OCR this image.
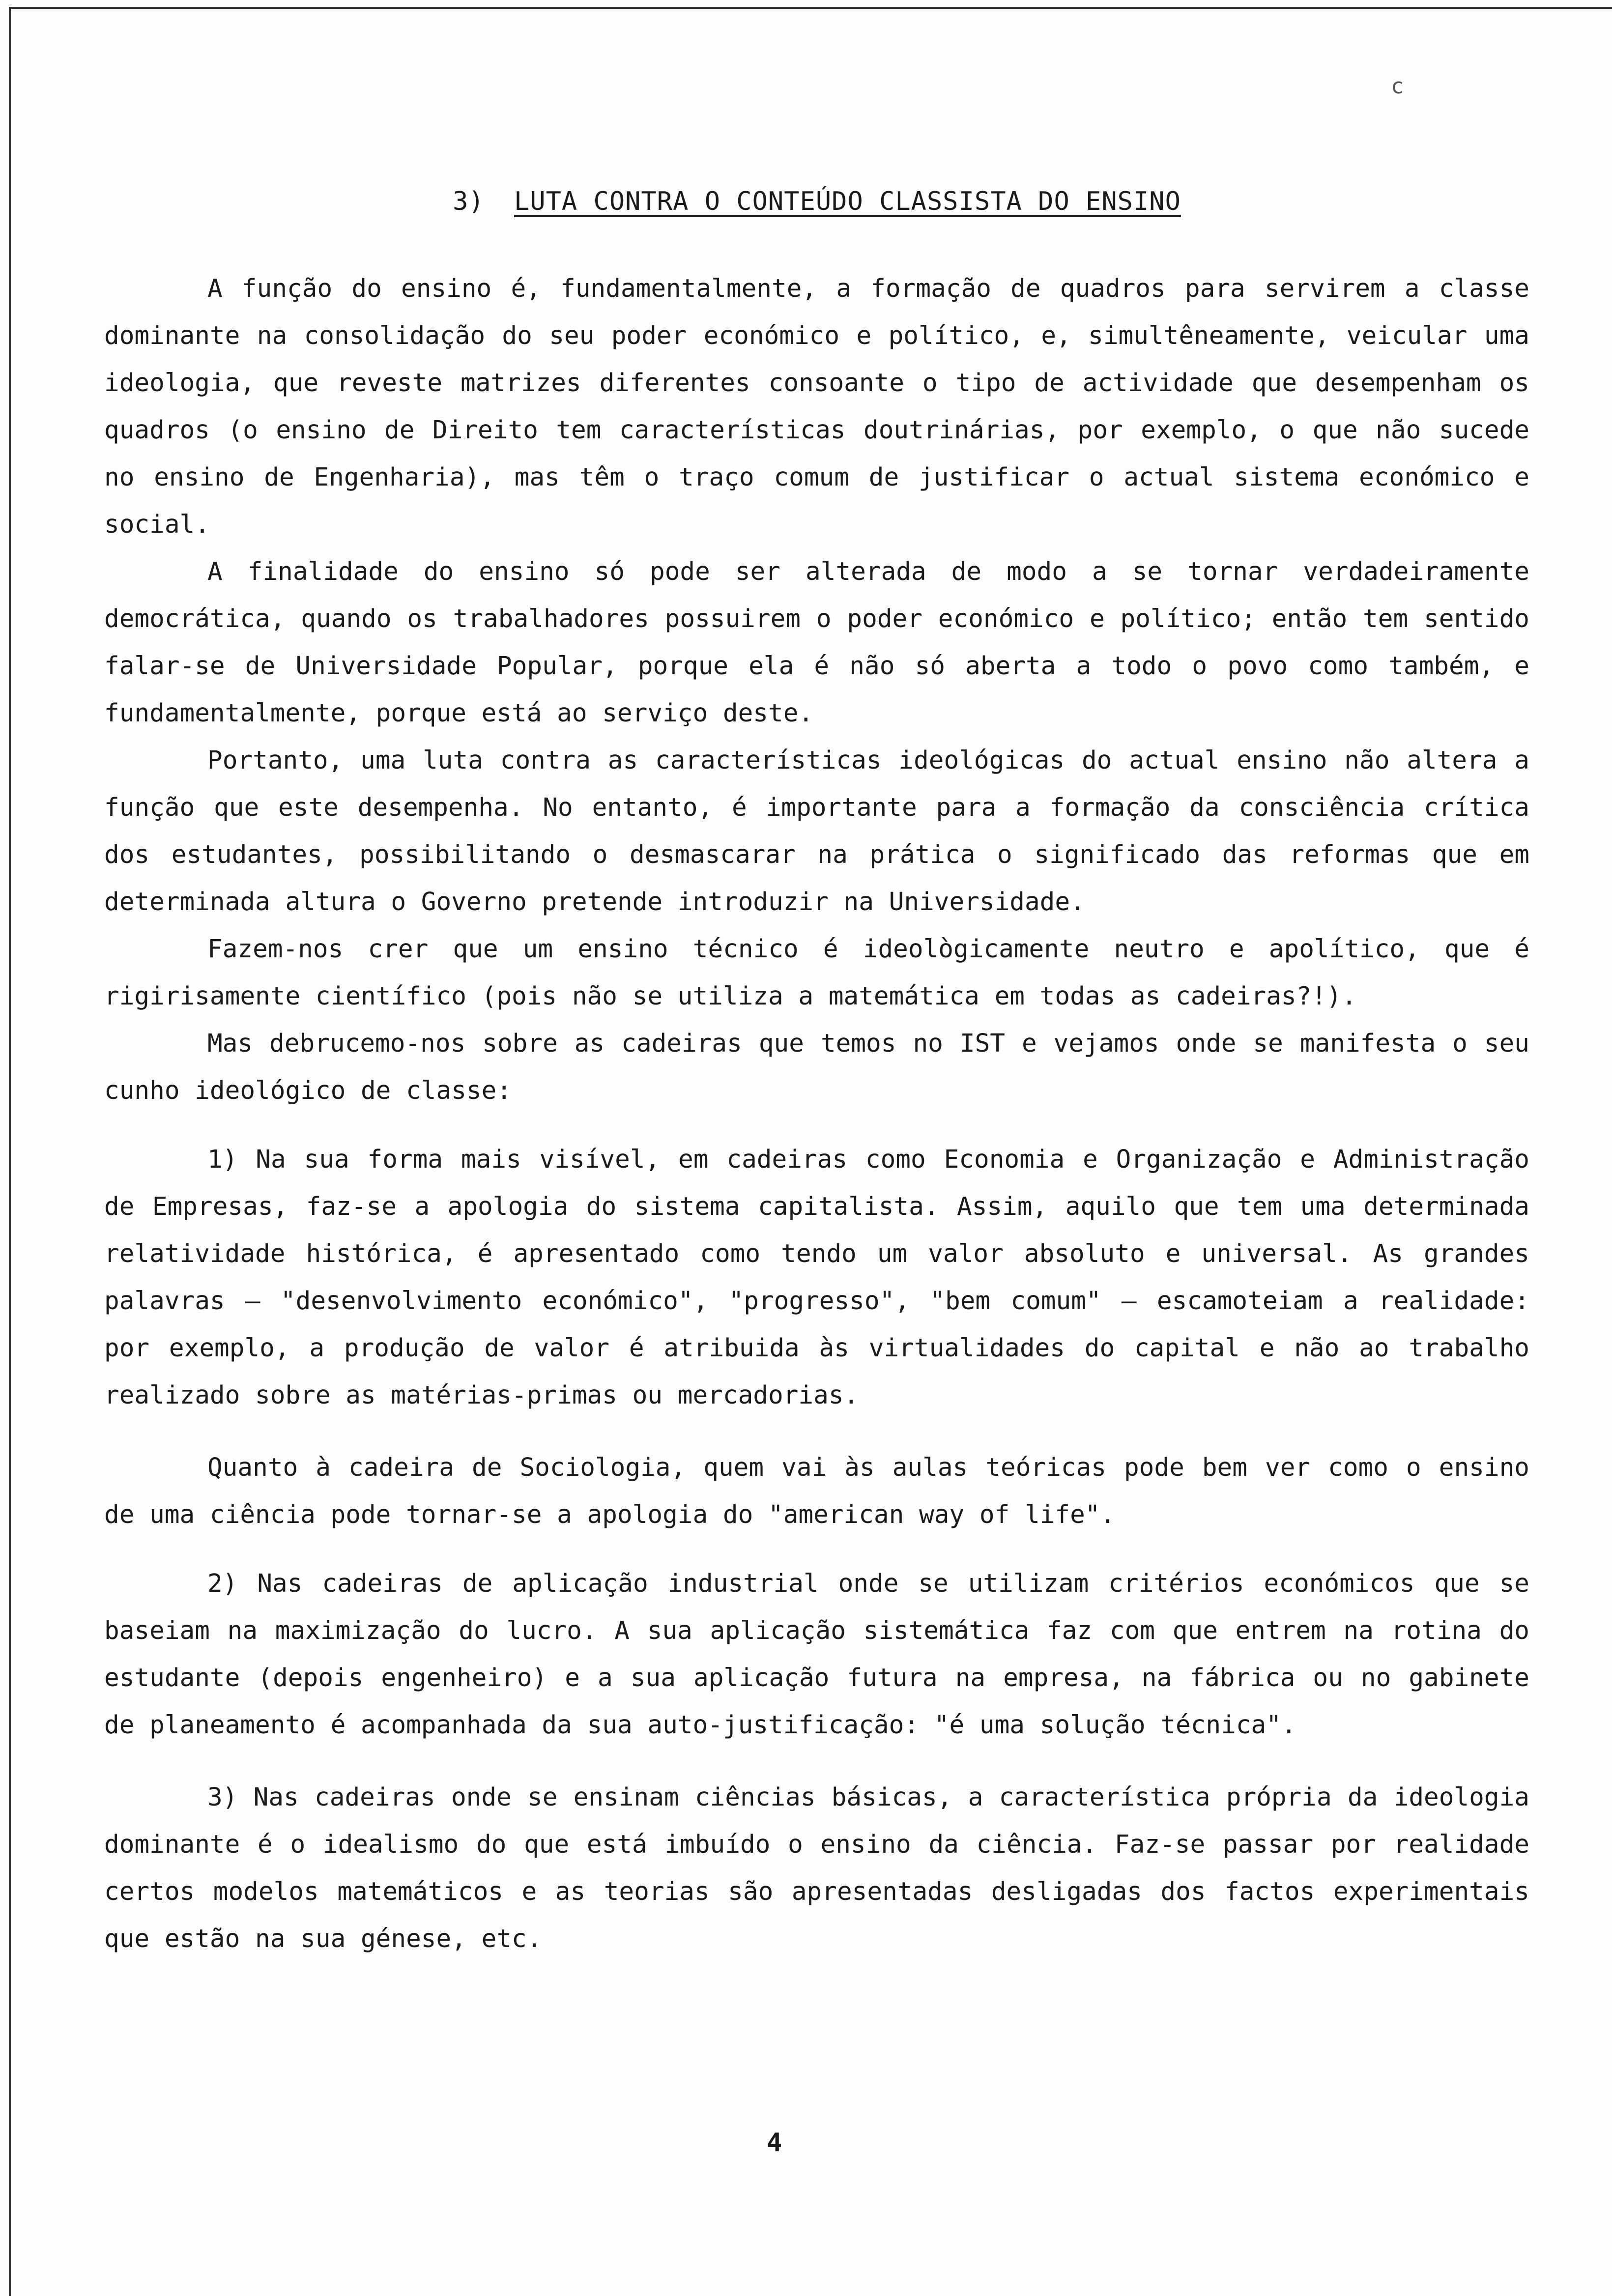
c
3) LUTA CONTRA O CONTEÚDO CLASSISTA DO ENSINO

A função do ensino é, fundamentalmente, a formação de quadros para servirem a classe dominante na consolidação do seu poder económico e político, e, simultêneamente, veicular uma ideologia, que reveste matrizes diferentes consoante o tipo de actividade que desempenham os quadros (o ensino de Direito tem características doutrinárias, por exemplo, o que não sucede no ensino de Engenharia), mas têm o traço comum de justificar o actual sistema económico e social.

A finalidade do ensino só pode ser alterada de modo a se tornar verdadeiramente democrática, quando os trabalhadores possuirem o poder económico e político; então tem sentido falar-se de Universidade Popular, porque ela é não só aberta a todo o povo como também, e fundamentalmente, porque está ao serviço deste.

Portanto, uma luta contra as características ideológicas do actual ensino não altera a função que este desempenha. No entanto, é importante para a formação da consciência crítica dos estudantes, possibilitando o desmascarar na prática o significado das reformas que em determinada altura o Governo pretende introduzir na Universidade.

Fazem-nos crer que um ensino técnico é ideològicamente neutro e apolítico, que é rigirisamente científico (pois não se utiliza a matemática em todas as cadeiras?!).

Mas debrucemo-nos sobre as cadeiras que temos no IST e vejamos onde se manifesta o seu cunho ideológico de classe:

1) Na sua forma mais visível, em cadeiras como Economia e Organização e Administração de Empresas, faz-se a apologia do sistema capitalista. Assim, aquilo que tem uma determinada relatividade histórica, é apresentado como tendo um valor absoluto e universal. As grandes palavras — "desenvolvimento económico", "progresso", "bem comum" — escamoteiam a realidade: por exemplo, a produção de valor é atribuida às virtualidades do capital e não ao trabalho realizado sobre as matérias-primas ou mercadorias.

Quanto à cadeira de Sociologia, quem vai às aulas teóricas pode bem ver como o ensino de uma ciência pode tornar-se a apologia do "american way of life".

2) Nas cadeiras de aplicação industrial onde se utilizam critérios económicos que se baseiam na maximização do lucro. A sua aplicação sistemática faz com que entrem na rotina do estudante (depois engenheiro) e a sua aplicação futura na empresa, na fábrica ou no gabinete de planeamento é acompanhada da sua auto-justificação: "é uma solução técnica".

3) Nas cadeiras onde se ensinam ciências básicas, a característica própria da ideologia dominante é o idealismo do que está imbuído o ensino da ciência. Faz-se passar por realidade certos modelos matemáticos e as teorias são apresentadas desligadas dos factos experimentais que estão na sua génese, etc.

4
